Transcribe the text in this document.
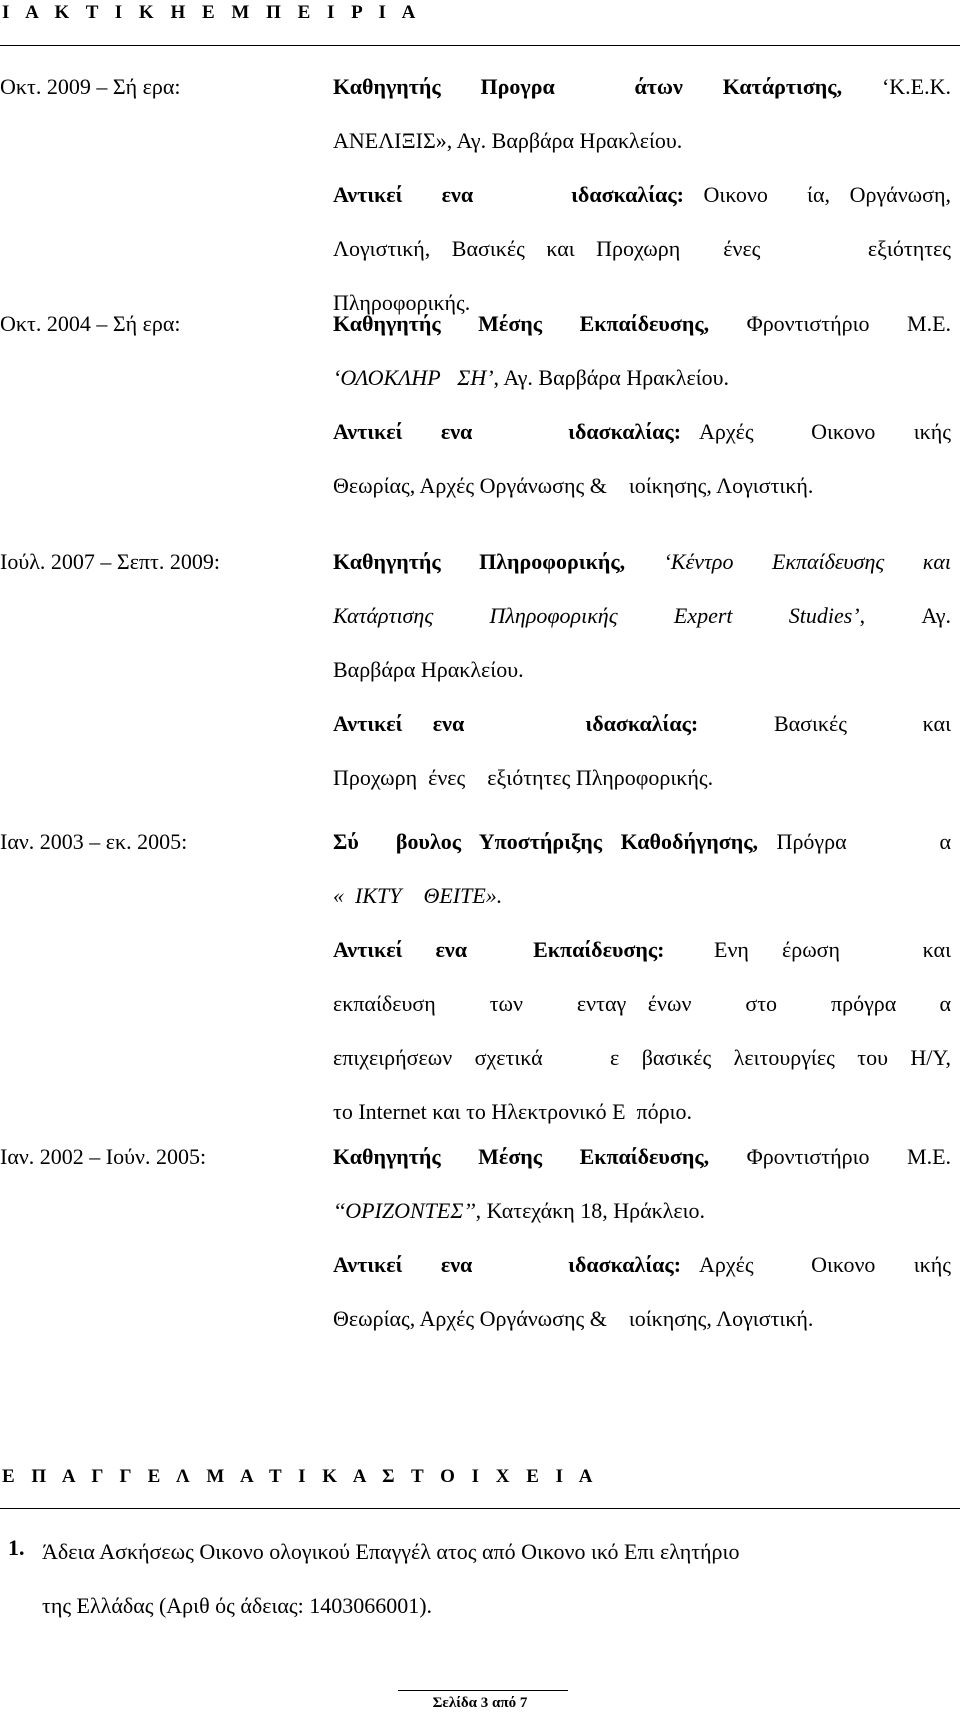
Ι Α Κ Τ Ι Κ Η Ε Μ Π Ε Ι Ρ Ι Α
Οκτ. 2009 – Σή ερα:	Καθηγητής  Προγρα    άτων  Κατάρτισης,  ‘Κ.Ε.Κ.
ΑΝΕΛΙΞΙΣ», Αγ. Βαρβάρα Ηρακλείου.
Αντικεί  ενα     ιδασκαλίας: Οικονο  ία, Οργάνωση,
Λογιστική, Βασικές και Προχωρη  ένες     εξιότητες
Πληροφορικής.
Οκτ. 2004 – Σή ερα:	Καθηγητής Μέσης Εκπαίδευσης, Φροντιστήριο Μ.Ε.
‘ΟΛΟΚΛΗΡ   ΣΗ’, Αγ. Βαρβάρα Ηρακλείου.
Αντικεί  ενα     ιδασκαλίας: Αρχές   Οικονο  ικής
Θεωρίας, Αρχές Οργάνωσης &    ιοίκησης, Λογιστική.
Ιούλ. 2007 – Σεπτ. 2009:	Καθηγητής Πληροφορικής, ‘Κέντρο Εκπαίδευσης και
Κατάρτισης   Πληροφορικής   Expert   Studies’,   Αγ.
Βαρβάρα Ηρακλείου.
Αντικεί  ενα        ιδασκαλίας:     Βασικές     και
Προχωρη  ένες    εξιότητες Πληροφορικής.
Ιαν. 2003 – εκ. 2005:	Σύ  βουλος Υποστήριξης Καθοδήγησης, Πρόγρα     α
«  ΙΚΤΥ    ΘΕΙΤΕ».
Αντικεί  ενα    Εκπαίδευσης:   Ενη  έρωση     και
εκπαίδευση     των     ενταγ  ένων     στο     πρόγρα    α
επιχειρήσεων σχετικά   ε βασικές λειτουργίες του Η/Υ,
το Internet και το Ηλεκτρονικό Ε  πόριο.
Ιαν. 2002 – Ιούν. 2005:	Καθηγητής Μέσης Εκπαίδευσης, Φροντιστήριο Μ.Ε.
‘‘ΟΡΙΖΟΝΤΕΣ’’, Κατεχάκη 18, Ηράκλειο.
Αντικεί  ενα     ιδασκαλίας: Αρχές   Οικονο  ικής
Θεωρίας, Αρχές Οργάνωσης &    ιοίκησης, Λογιστική.
Ε Π Α Γ Γ Ε Λ Μ Α Τ Ι Κ Α Σ Τ Ο Ι Χ Ε Ι Α
1. Άδεια Ασκήσεως Οικονο ολογικού Επαγγέλ ατος από Οικονο ικό Επι ελητήριο
της Ελλάδας (Αριθ ός άδειας: 1403066001).
Σελίδα 3 από 7
